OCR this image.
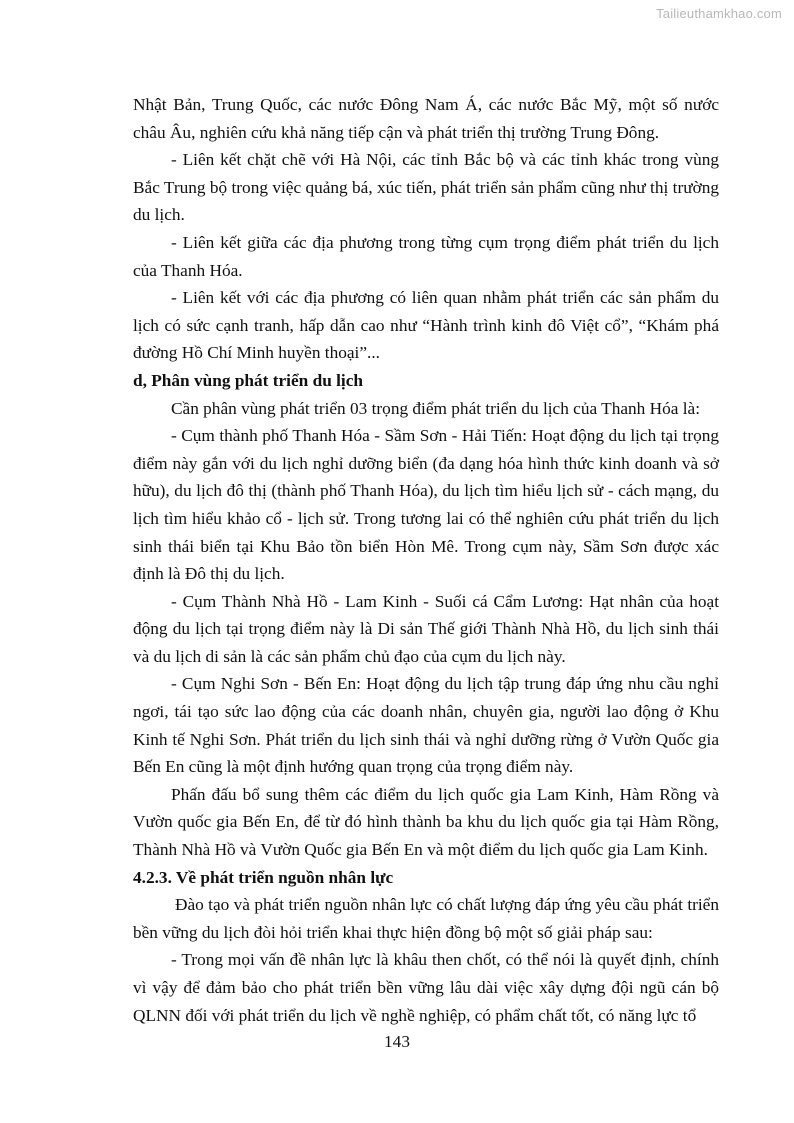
Tailieuthamkhao.com

Nhật Bản, Trung Quốc, các nước Đông Nam Á, các nước Bắc Mỹ, một số nước châu Âu, nghiên cứu khả năng tiếp cận và phát triển thị trường Trung Đông.

- Liên kết chặt chẽ với Hà Nội, các tỉnh Bắc bộ và các tỉnh khác trong vùng Bắc Trung bộ trong việc quảng bá, xúc tiến, phát triển sản phẩm cũng như thị trường du lịch.

- Liên kết giữa các địa phương trong từng cụm trọng điểm phát triển du lịch của Thanh Hóa.

- Liên kết với các địa phương có liên quan nhằm phát triển các sản phẩm du lịch có sức cạnh tranh, hấp dẫn cao như “Hành trình kinh đô Việt cổ”, “Khám phá đường Hồ Chí Minh huyền thoại”...

d, Phân vùng phát triển du lịch

Cần phân vùng phát triển 03 trọng điểm phát triển du lịch của Thanh Hóa là:

- Cụm thành phố Thanh Hóa - Sầm Sơn - Hải Tiến: Hoạt động du lịch tại trọng điểm này gắn với du lịch nghỉ dưỡng biển (đa dạng hóa hình thức kinh doanh và sở hữu), du lịch đô thị (thành phố Thanh Hóa), du lịch tìm hiểu lịch sử - cách mạng, du lịch tìm hiểu khảo cổ - lịch sử. Trong tương lai có thể nghiên cứu phát triển du lịch sinh thái biển tại Khu Bảo tồn biển Hòn Mê. Trong cụm này, Sầm Sơn được xác định là Đô thị du lịch.

- Cụm Thành Nhà Hồ - Lam Kinh - Suối cá Cẩm Lương: Hạt nhân của hoạt động du lịch tại trọng điểm này là Di sản Thế giới Thành Nhà Hồ, du lịch sinh thái và du lịch di sản là các sản phẩm chủ đạo của cụm du lịch này.

- Cụm Nghi Sơn - Bến En: Hoạt động du lịch tập trung đáp ứng nhu cầu nghỉ ngơi, tái tạo sức lao động của các doanh nhân, chuyên gia, người lao động ở Khu Kinh tế Nghi Sơn. Phát triển du lịch sinh thái và nghỉ dưỡng rừng ở Vườn Quốc gia Bến En cũng là một định hướng quan trọng của trọng điểm này.

Phấn đấu bổ sung thêm các điểm du lịch quốc gia Lam Kinh, Hàm Rồng và Vườn quốc gia Bến En, để từ đó hình thành ba khu du lịch quốc gia tại Hàm Rồng, Thành Nhà Hồ và Vườn Quốc gia Bến En và một điểm du lịch quốc gia Lam Kinh.

4.2.3. Về phát triển nguồn nhân lực

Đào tạo và phát triển nguồn nhân lực có chất lượng đáp ứng yêu cầu phát triển bền vững du lịch đòi hỏi triển khai thực hiện đồng bộ một số giải pháp sau:

- Trong mọi vấn đề nhân lực là khâu then chốt, có thể nói là quyết định, chính vì vậy để đảm bảo cho phát triển bền vững lâu dài việc xây dựng đội ngũ cán bộ QLNN đối với phát triển du lịch về nghề nghiệp, có phẩm chất tốt, có năng lực tổ

143
